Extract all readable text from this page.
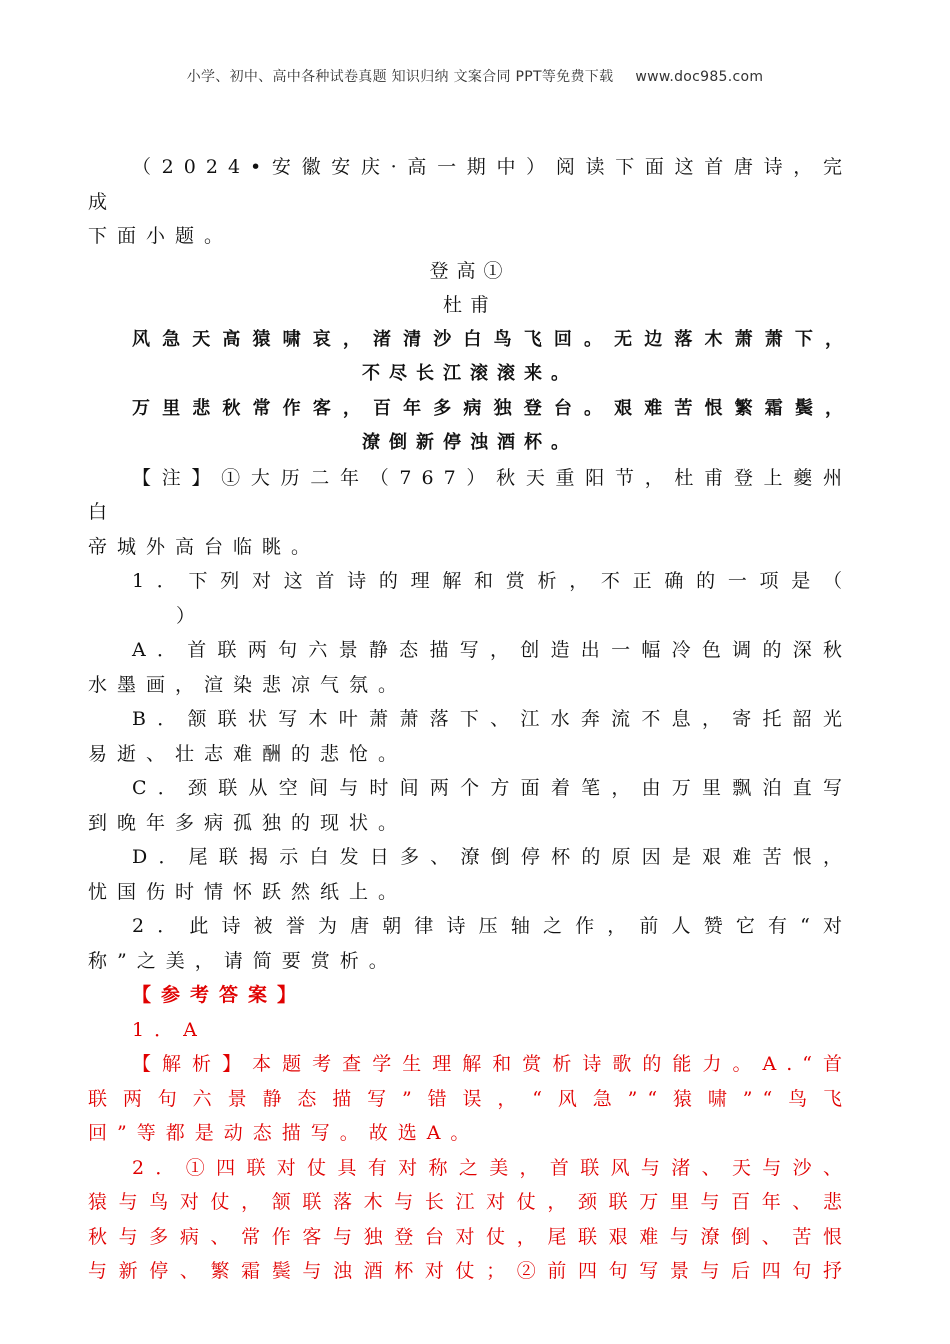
小学、初中、高中各种试卷真题 知识归纳 文案合同 PPT等免费下载 www.doc985.com

（2024•安徽安庆·高一期中）阅读下面这首唐诗，完成

下面小题。

登高①

杜甫

风急天高猿啸哀，渚清沙白鸟飞回。无边落木萧萧下，

不尽长江滚滚来。

万里悲秋常作客，百年多病独登台。艰难苦恨繁霜鬓，

潦倒新停浊酒杯。

【注】①大历二年（767）秋天重阳节，杜甫登上夔州白

帝城外高台临眺。

1．下列对这首诗的理解和赏析，不正确的一项是（

）

A．首联两句六景静态描写，创造出一幅冷色调的深秋

水墨画，渲染悲凉气氛。

B．颔联状写木叶萧萧落下、江水奔流不息，寄托韶光

易逝、壮志难酬的悲怆。

C．颈联从空间与时间两个方面着笔，由万里飘泊直写

到晚年多病孤独的现状。

D．尾联揭示白发日多、潦倒停杯的原因是艰难苦恨，

忧国伤时情怀跃然纸上。

2．此诗被誉为唐朝律诗压轴之作，前人赞它有“对

称”之美，请简要赏析。

【参考答案】

1．A

【解析】本题考查学生理解和赏析诗歌的能力。A.“首

联两句六景静态描写”错误，“风急”“猿啸”“鸟飞

回”等都是动态描写。故选A。

2．①四联对仗具有对称之美，首联风与渚、天与沙、

猿与鸟对仗，颔联落木与长江对仗，颈联万里与百年、悲

秋与多病、常作客与独登台对仗，尾联艰难与潦倒、苦恨

与新停、繁霜鬓与浊酒杯对仗；②前四句写景与后四句抒
